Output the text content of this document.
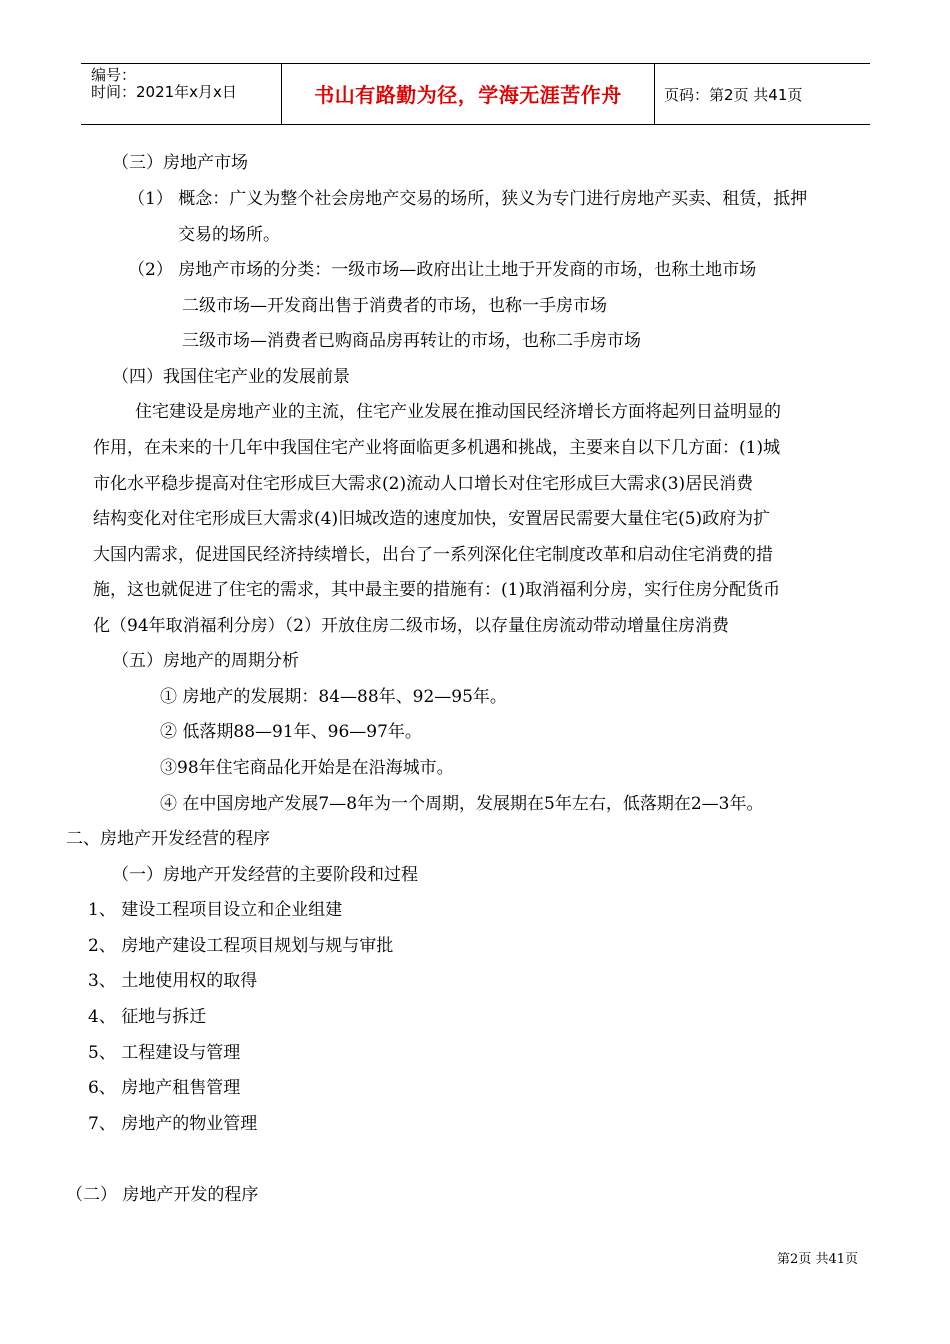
编号：
时间：2021年x月x日	书山有路勤为径，学海无涯苦作舟	页码：第2页 共41页
（三）房地产市场
（1） 概念：广义为整个社会房地产交易的场所，狭义为专门进行房地产买卖、租赁，抵押
交易的场所。
（2） 房地产市场的分类：一级市场—政府出让土地于开发商的市场，也称土地市场
二级市场—开发商出售于消费者的市场，也称一手房市场
三级市场—消费者已购商品房再转让的市场，也称二手房市场
（四）我国住宅产业的发展前景
住宅建设是房地产业的主流，住宅产业发展在推动国民经济增长方面将起列日益明显的
作用，在未来的十几年中我国住宅产业将面临更多机遇和挑战，主要来自以下几方面：(1)城
市化水平稳步提高对住宅形成巨大需求(2)流动人口增长对住宅形成巨大需求(3)居民消费
结构变化对住宅形成巨大需求(4)旧城改造的速度加快，安置居民需要大量住宅(5)政府为扩
大国内需求，促进国民经济持续增长，出台了一系列深化住宅制度改革和启动住宅消费的措
施，这也就促进了住宅的需求，其中最主要的措施有：(1)取消福利分房，实行住房分配货币
化（94年取消福利分房）（2）开放住房二级市场，以存量住房流动带动增量住房消费
（五）房地产的周期分析
① 房地产的发展期：84—88年、92—95年。
② 低落期88—91年、96—97年。
③98年住宅商品化开始是在沿海城市。
④ 在中国房地产发展7—8年为一个周期，发展期在5年左右，低落期在2—3年。
二、房地产开发经营的程序
（一）房地产开发经营的主要阶段和过程
1、 建设工程项目设立和企业组建
2、 房地产建设工程项目规划与规与审批
3、 土地使用权的取得
4、 征地与拆迁
5、 工程建设与管理
6、 房地产租售管理
7、 房地产的物业管理
（二） 房地产开发的程序
第2页 共41页
